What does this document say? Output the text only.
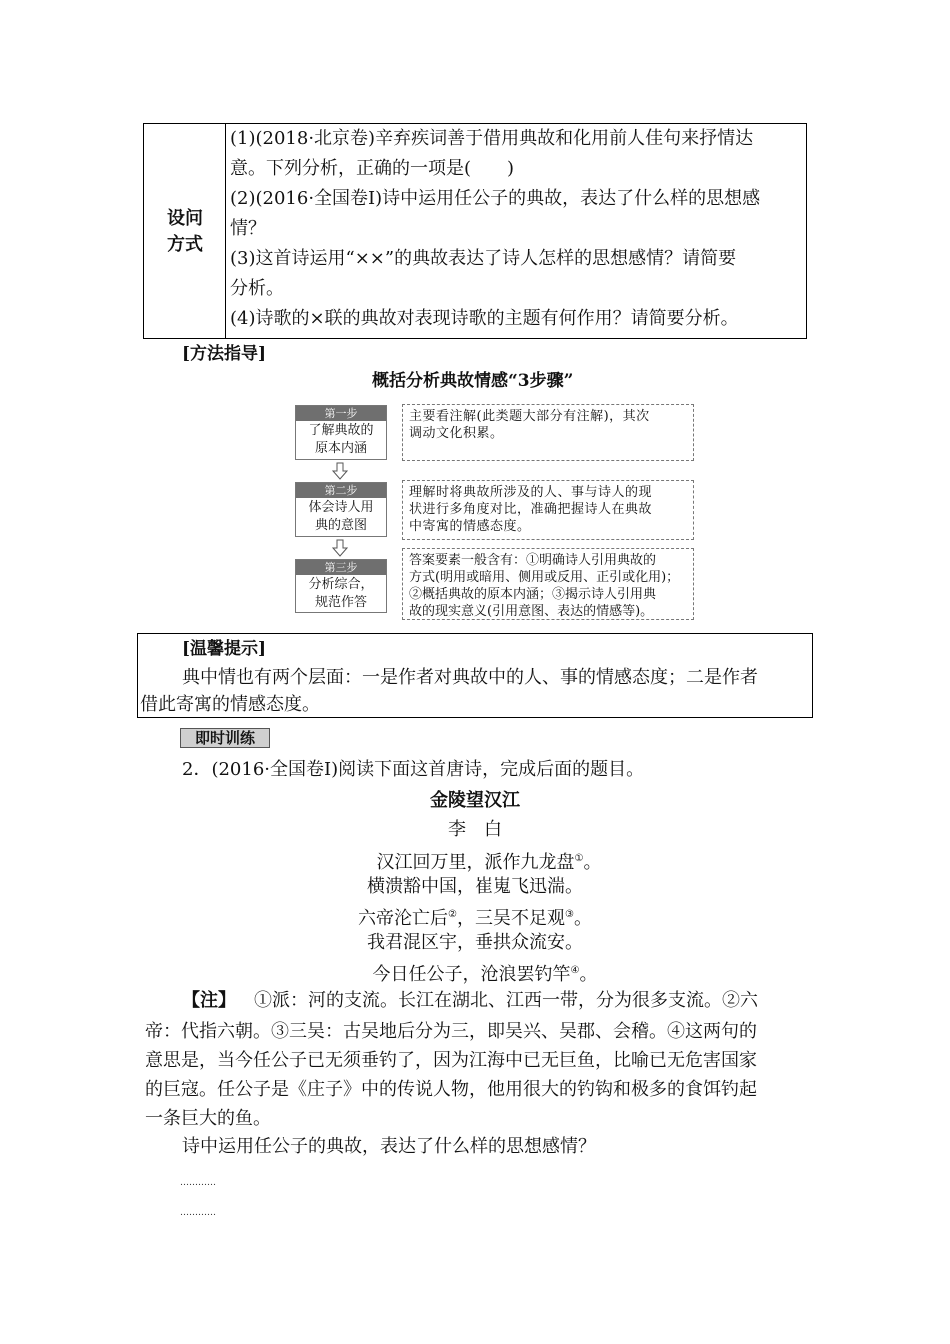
设问
方式
(1)(2018·北京卷)辛弃疾词善于借用典故和化用前人佳句来抒情达
意。下列分析，正确的一项是(　　)
(2)(2016·全国卷Ⅰ)诗中运用任公子的典故，表达了什么样的思想感
情？
(3)这首诗运用“××”的典故表达了诗人怎样的思想感情？请简要
分析。
(4)诗歌的×联的典故对表现诗歌的主题有何作用？请简要分析。
[方法指导]
概括分析典故情感“3步骤”
第一步
了解典故的
原本内涵
主要看注解(此类题大部分有注解)，其次
调动文化积累。
第二步
体会诗人用
典的意图
理解时将典故所涉及的人、事与诗人的现
状进行多角度对比，准确把握诗人在典故
中寄寓的情感态度。
第三步
分析综合，
规范作答
答案要素一般含有：①明确诗人引用典故的
方式(明用或暗用、侧用或反用、正引或化用)；
②概括典故的原本内涵；③揭示诗人引用典
故的现实意义(引用意图、表达的情感等)。
[温馨提示]
典中情也有两个层面：一是作者对典故中的人、事的情感态度；二是作者
借此寄寓的情感态度。
即时训练
2．(2016·全国卷Ⅰ)阅读下面这首唐诗，完成后面的题目。
金陵望汉江
李　白
汉江回万里，派作九龙盘①。
横溃豁中国，崔嵬飞迅湍。
六帝沦亡后②，三吴不足观③。
我君混区宇，垂拱众流安。
今日任公子，沧浪罢钓竿④。
【注】 ①派：河的支流。长江在湖北、江西一带，分为很多支流。②六
帝：代指六朝。③三吴：古吴地后分为三，即吴兴、吴郡、会稽。④这两句的
意思是，当今任公子已无须垂钓了，因为江海中已无巨鱼，比喻已无危害国家
的巨寇。任公子是《庄子》中的传说人物，他用很大的钓钩和极多的食饵钓起
一条巨大的鱼。
诗中运用任公子的典故，表达了什么样的思想感情？
…………
…………
